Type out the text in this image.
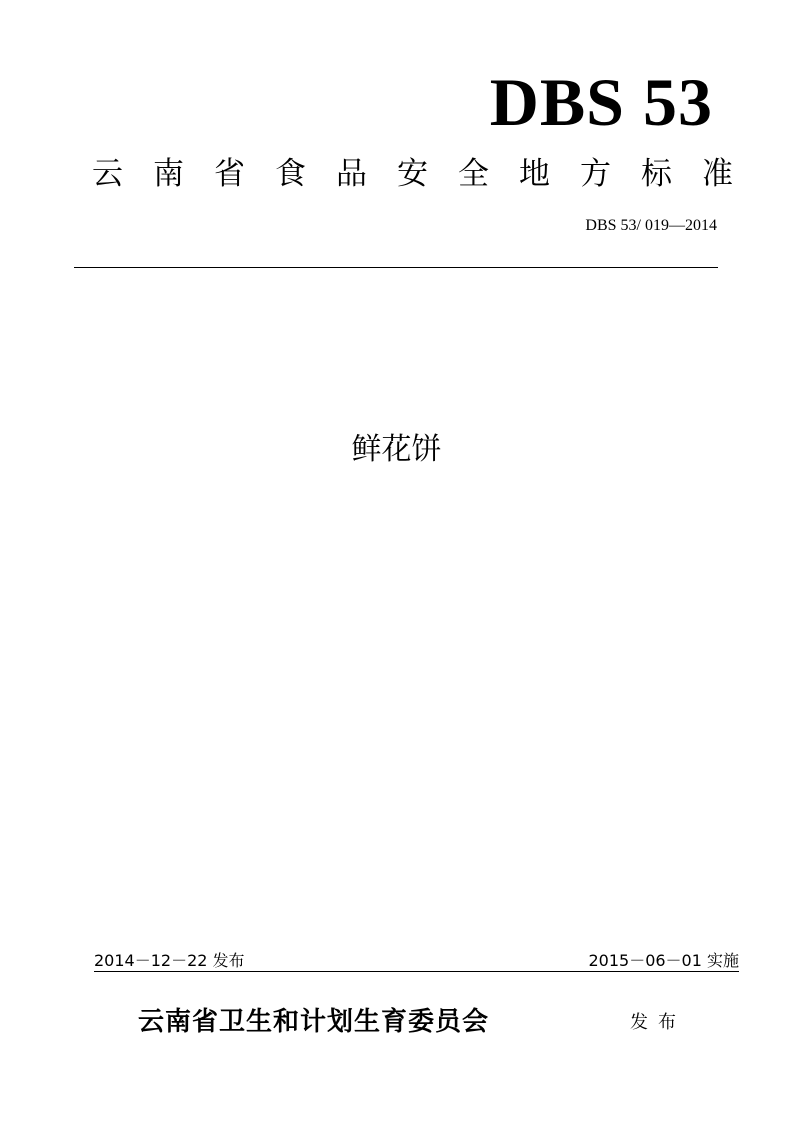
DBS 53
云南省食品安全地方标准
DBS 53/ 019—2014
鲜花饼
2014－12－22 发布	2015－06－01 实施
云南省卫生和计划生育委员会	发布
